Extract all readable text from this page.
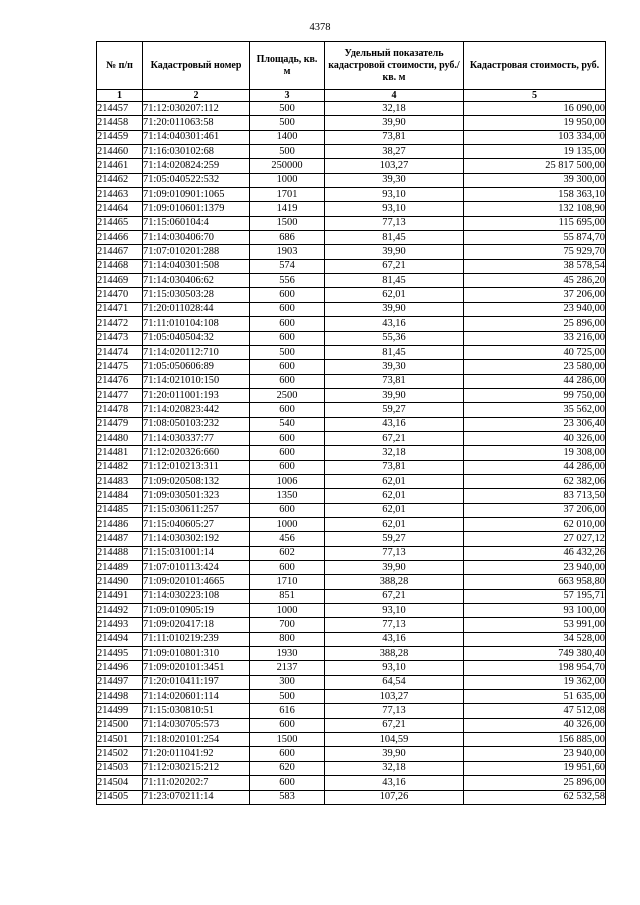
4378
№ п/п	Кадастровый номер	Площадь, кв. м	Удельный показатель кадастровой стоимости, руб./кв. м	Кадастровая стоимость, руб.
1	2	3	4	5
214457	71:12:030207:112	500	32,18	16 090,00
214458	71:20:011063:58	500	39,90	19 950,00
214459	71:14:040301:461	1400	73,81	103 334,00
214460	71:16:030102:68	500	38,27	19 135,00
214461	71:14:020824:259	250000	103,27	25 817 500,00
214462	71:05:040522:532	1000	39,30	39 300,00
214463	71:09:010901:1065	1701	93,10	158 363,10
214464	71:09:010601:1379	1419	93,10	132 108,90
214465	71:15:060104:4	1500	77,13	115 695,00
214466	71:14:030406:70	686	81,45	55 874,70
214467	71:07:010201:288	1903	39,90	75 929,70
214468	71:14:040301:508	574	67,21	38 578,54
214469	71:14:030406:62	556	81,45	45 286,20
214470	71:15:030503:28	600	62,01	37 206,00
214471	71:20:011028:44	600	39,90	23 940,00
214472	71:11:010104:108	600	43,16	25 896,00
214473	71:05:040504:32	600	55,36	33 216,00
214474	71:14:020112:710	500	81,45	40 725,00
214475	71:05:050606:89	600	39,30	23 580,00
214476	71:14:021010:150	600	73,81	44 286,00
214477	71:20:011001:193	2500	39,90	99 750,00
214478	71:14:020823:442	600	59,27	35 562,00
214479	71:08:050103:232	540	43,16	23 306,40
214480	71:14:030337:77	600	67,21	40 326,00
214481	71:12:020326:660	600	32,18	19 308,00
214482	71:12:010213:311	600	73,81	44 286,00
214483	71:09:020508:132	1006	62,01	62 382,06
214484	71:09:030501:323	1350	62,01	83 713,50
214485	71:15:030611:257	600	62,01	37 206,00
214486	71:15:040605:27	1000	62,01	62 010,00
214487	71:14:030302:192	456	59,27	27 027,12
214488	71:15:031001:14	602	77,13	46 432,26
214489	71:07:010113:424	600	39,90	23 940,00
214490	71:09:020101:4665	1710	388,28	663 958,80
214491	71:14:030223:108	851	67,21	57 195,71
214492	71:09:010905:19	1000	93,10	93 100,00
214493	71:09:020417:18	700	77,13	53 991,00
214494	71:11:010219:239	800	43,16	34 528,00
214495	71:09:010801:310	1930	388,28	749 380,40
214496	71:09:020101:3451	2137	93,10	198 954,70
214497	71:20:010411:197	300	64,54	19 362,00
214498	71:14:020601:114	500	103,27	51 635,00
214499	71:15:030810:51	616	77,13	47 512,08
214500	71:14:030705:573	600	67,21	40 326,00
214501	71:18:020101:254	1500	104,59	156 885,00
214502	71:20:011041:92	600	39,90	23 940,00
214503	71:12:030215:212	620	32,18	19 951,60
214504	71:11:020202:7	600	43,16	25 896,00
214505	71:23:070211:14	583	107,26	62 532,58
